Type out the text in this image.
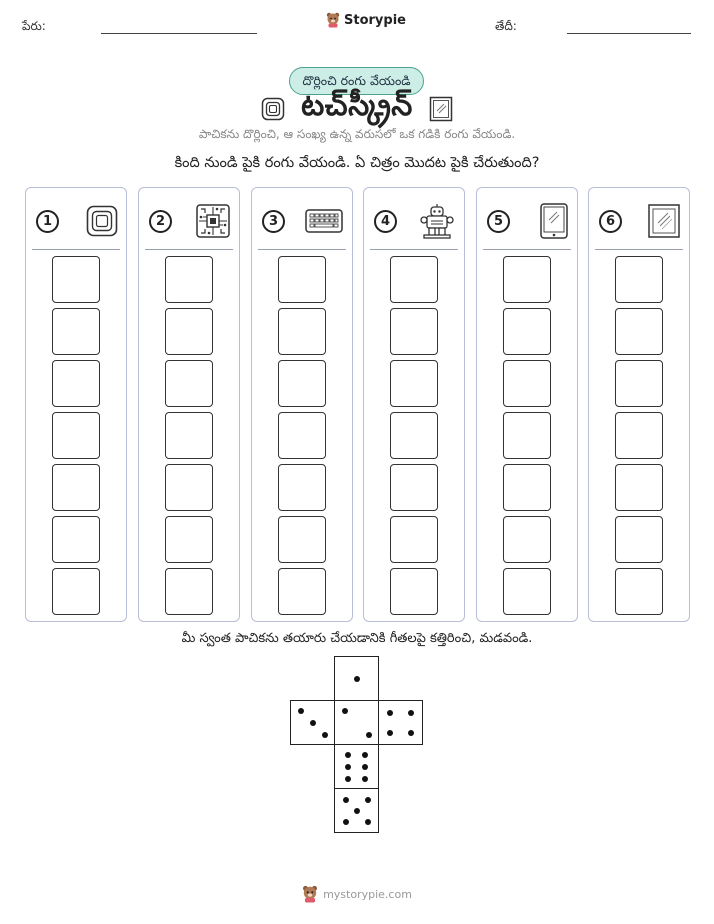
పేరు:	Storypie	తేదీ:
దొర్లించి రంగు వేయండి
టచ్‌స్క్రీన్
పాచికను దొర్లించి, ఆ సంఖ్య ఉన్న వరుసలో ఒక గడికి రంగు వేయండి.
కింది నుండి పైకి రంగు వేయండి. ఏ చిత్రం మొదట పైకి చేరుతుంది?
1	2	3	4	5	6
మీ స్వంత పాచికను తయారు చేయడానికి గీతలపై కత్తిరించి, మడవండి.
mystorypie.com
